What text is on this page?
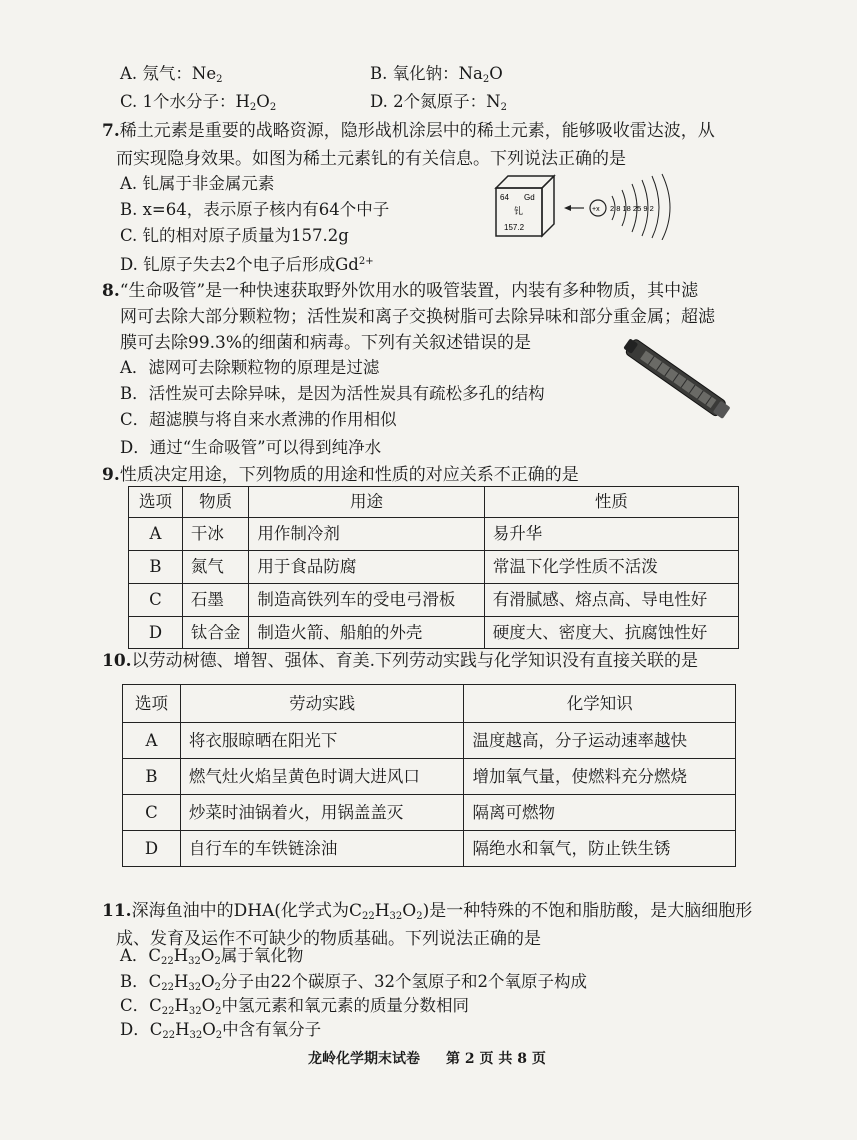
A. 氖气：$Ne_2$	B. 氧化钠：$Na_2O$
C. 1个水分子：$H_2O_2$	D. 2个氮原子：$N_2$
7.稀土元素是重要的战略资源，隐形战机涂层中的稀土元素，能够吸收雷达波，从
而实现隐身效果。如图为稀土元素钆的有关信息。下列说法正确的是
A. 钆属于非金属元素
B. x=64，表示原子核内有64个中子
C. 钆的相对原子质量为157.2g
D. 钆原子失去2个电子后形成$Gd^{2+}$
64 Gd
钆
157.2
+x 2 8 18 25 9 2
8.“生命吸管”是一种快速获取野外饮用水的吸管装置，内装有多种物质，其中滤
网可去除大部分颗粒物；活性炭和离子交换树脂可去除异味和部分重金属；超滤
膜可去除99.3%的细菌和病毒。下列有关叙述错误的是
A．滤网可去除颗粒物的原理是过滤
B．活性炭可去除异味，是因为活性炭具有疏松多孔的结构
C．超滤膜与将自来水煮沸的作用相似
D．通过“生命吸管”可以得到纯净水
9.性质决定用途，下列物质的用途和性质的对应关系不正确的是
选项	物质	用途	性质
A	干冰	用作制冷剂	易升华
B	氮气	用于食品防腐	常温下化学性质不活泼
C	石墨	制造高铁列车的受电弓滑板	有滑腻感、熔点高、导电性好
D	钛合金	制造火箭、船舶的外壳	硬度大、密度大、抗腐蚀性好
10.以劳动树德、增智、强体、育美.下列劳动实践与化学知识没有直接关联的是
选项	劳动实践	化学知识
A	将衣服晾晒在阳光下	温度越高，分子运动速率越快
B	燃气灶火焰呈黄色时调大进风口	增加氧气量，使燃料充分燃烧
C	炒菜时油锅着火，用锅盖盖灭	隔离可燃物
D	自行车的车铁链涂油	隔绝水和氧气，防止铁生锈
11.深海鱼油中的DHA(化学式为$C_{22}H_{32}O_2$)是一种特殊的不饱和脂肪酸，是大脑细胞形
成、发育及运作不可缺少的物质基础。下列说法正确的是
A．$C_{22}H_{32}O_2$属于氧化物
B．$C_{22}H_{32}O_2$分子由22个碳原子、32个氢原子和2个氧原子构成
C．$C_{22}H_{32}O_2$中氢元素和氧元素的质量分数相同
龙岭化学期末试卷 第 2 页 共 8 页
D．$C_{22}H_{32}O_2$中含有氧分子
